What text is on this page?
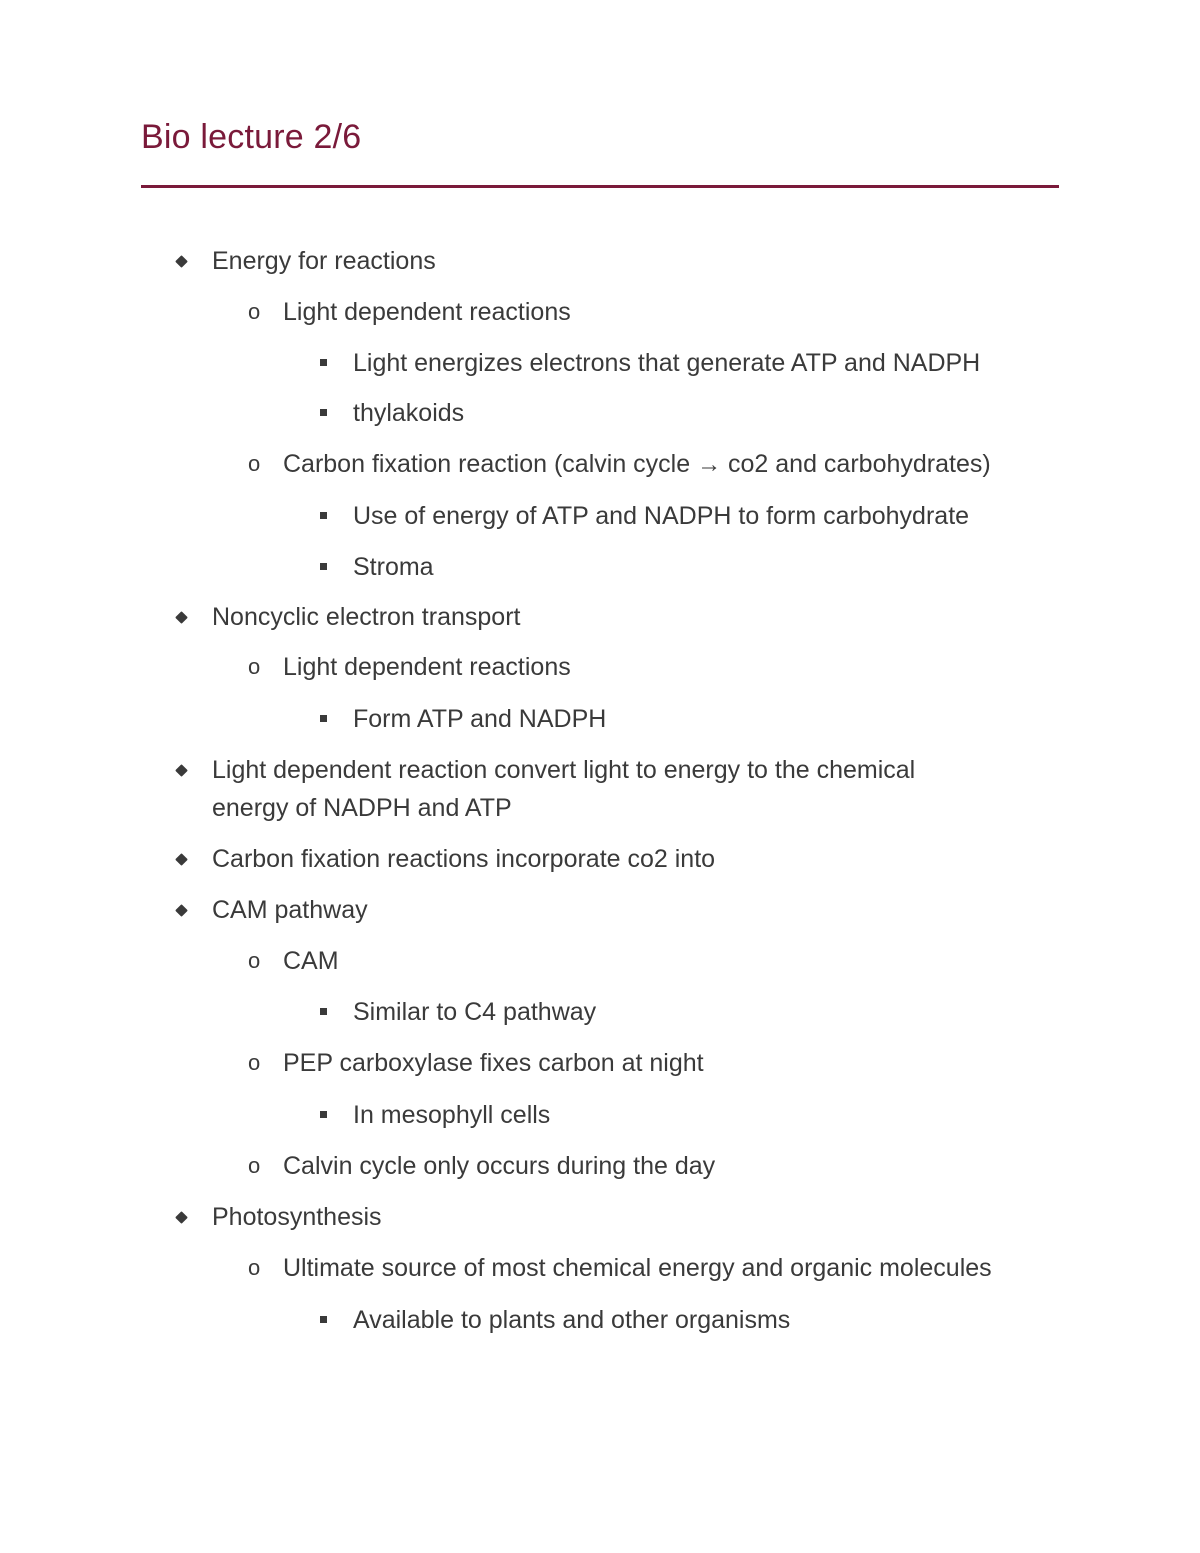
Bio lecture 2/6
Energy for reactions
o Light dependent reactions
Light energizes electrons that generate ATP and NADPH
thylakoids
o Carbon fixation reaction (calvin cycle → co2 and carbohydrates)
Use of energy of ATP and NADPH to form carbohydrate
Stroma
Noncyclic electron transport
o Light dependent reactions
Form ATP and NADPH
Light dependent reaction convert light to energy to the chemical
energy of NADPH and ATP
Carbon fixation reactions incorporate co2 into
CAM pathway
o CAM
Similar to C4 pathway
o PEP carboxylase fixes carbon at night
In mesophyll cells
o Calvin cycle only occurs during the day
Photosynthesis
o Ultimate source of most chemical energy and organic molecules
Available to plants and other organisms
